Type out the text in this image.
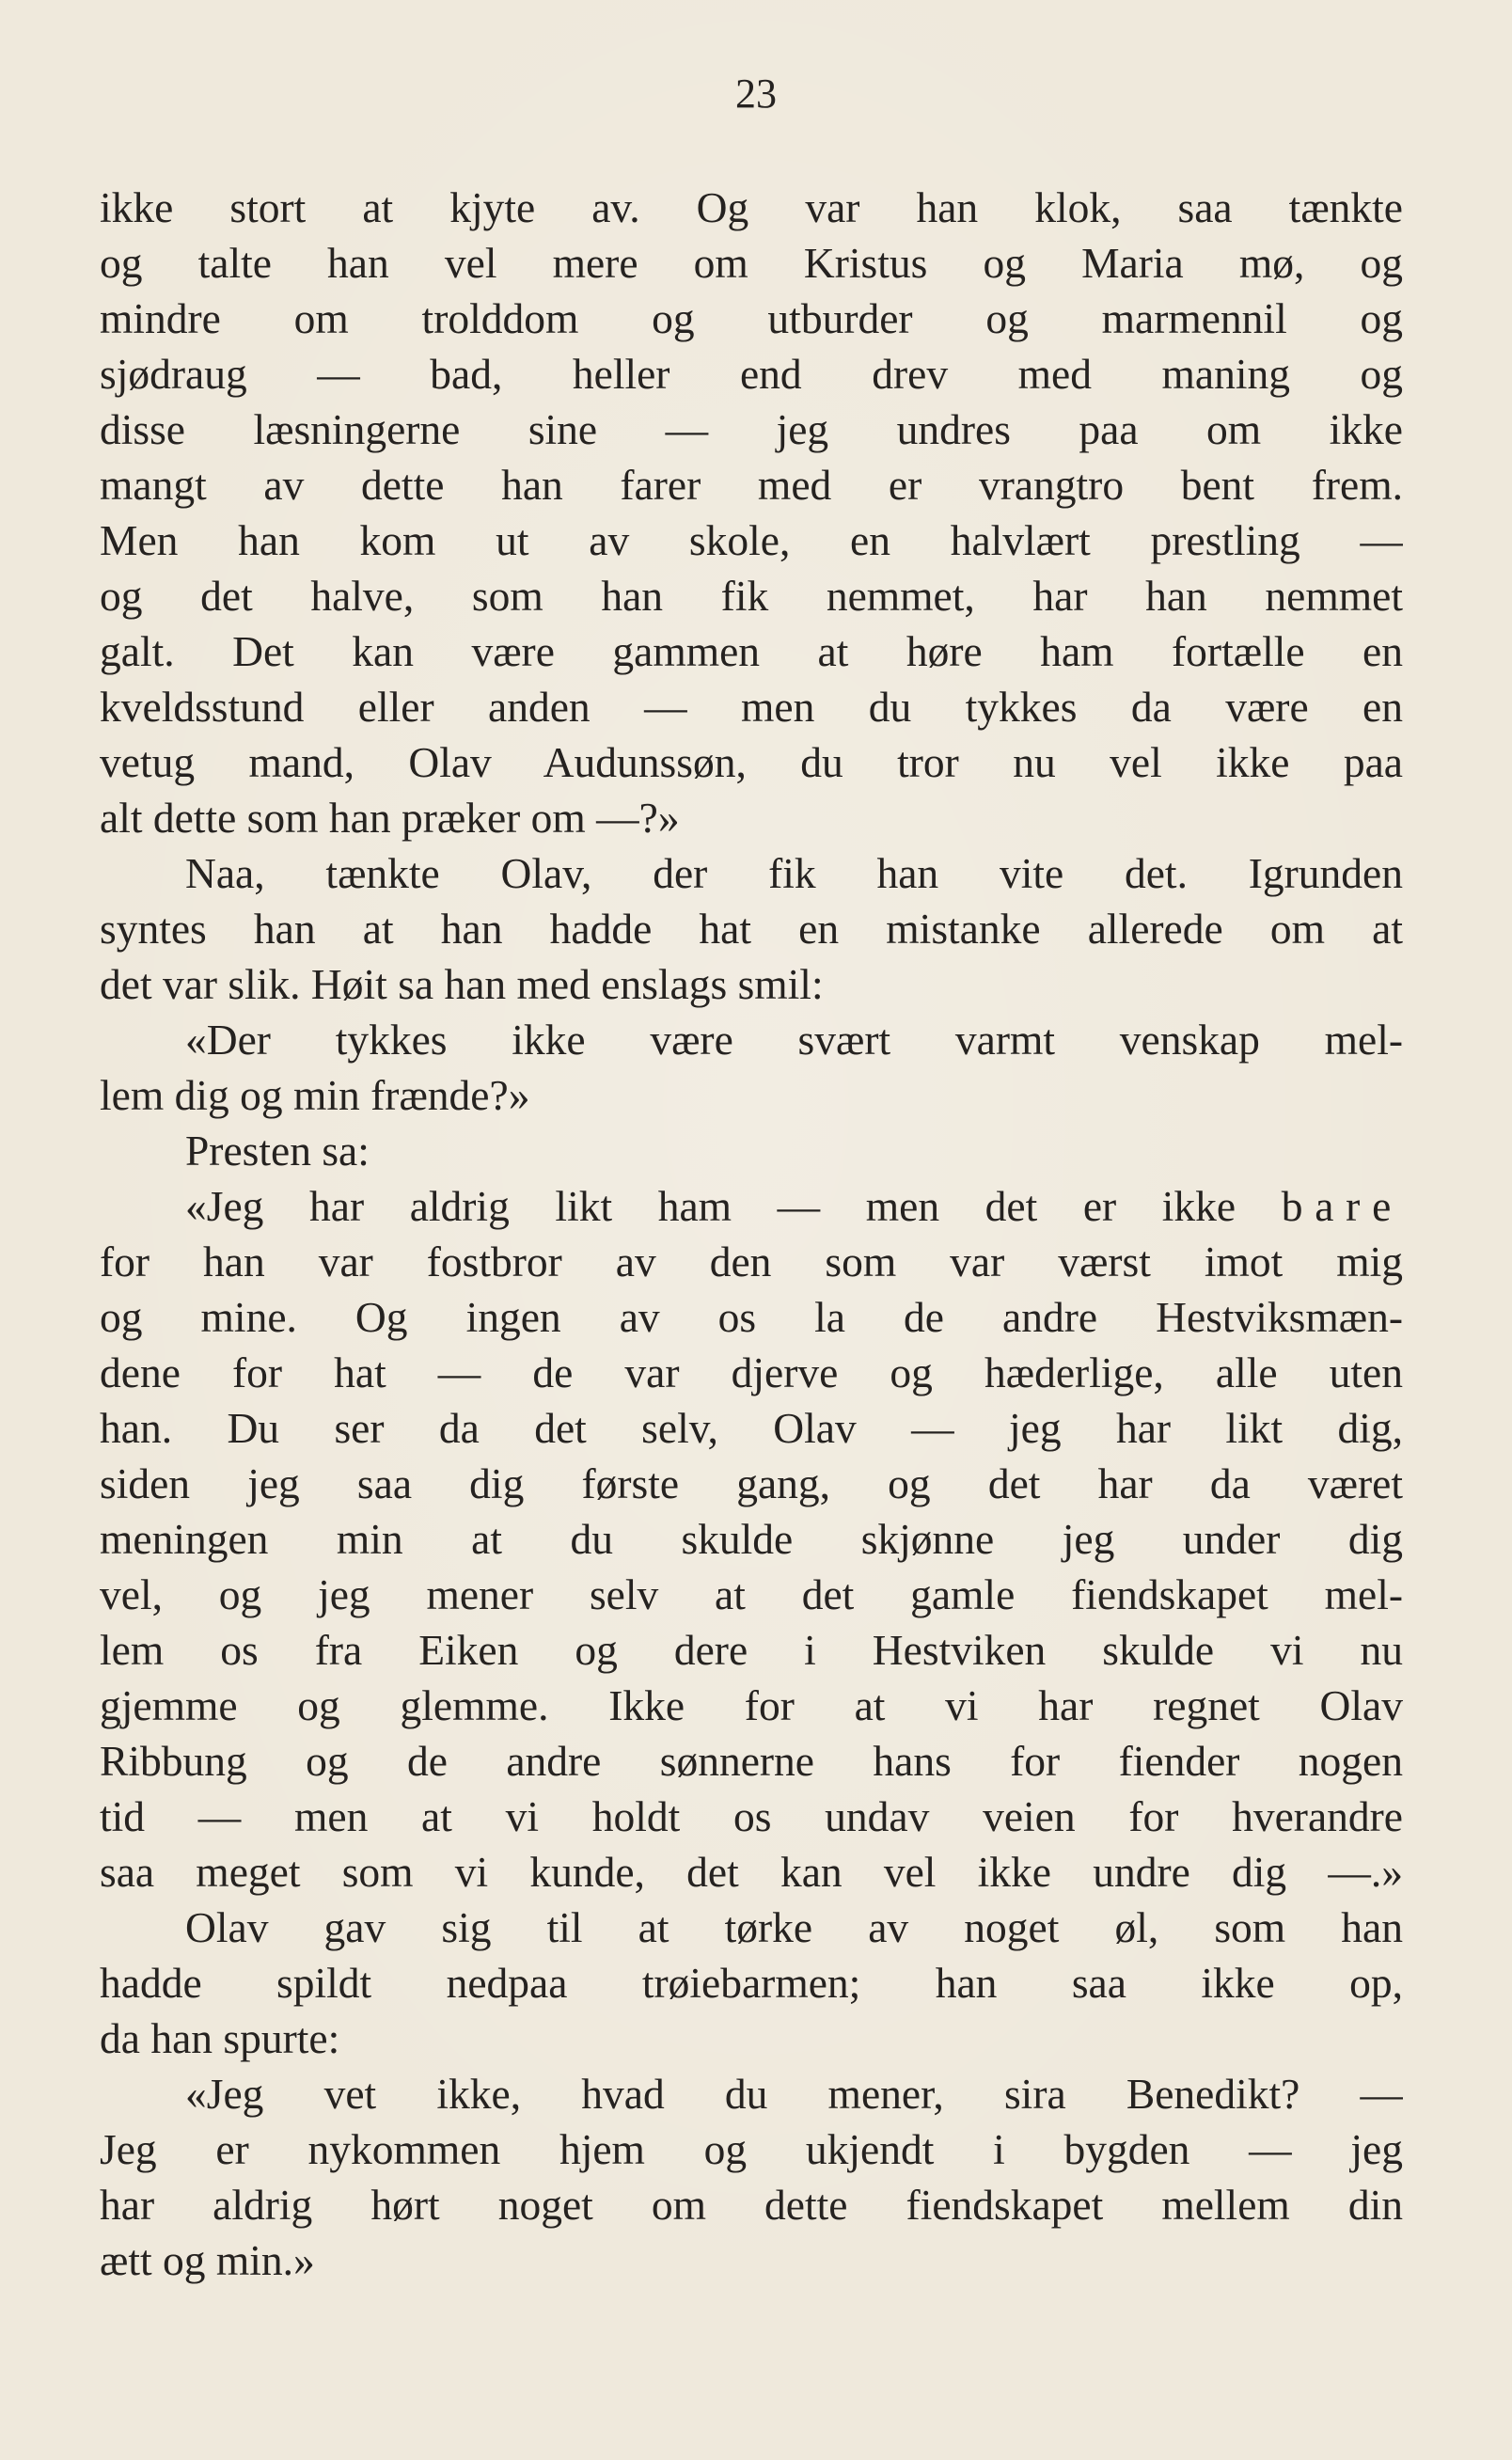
23
ikke stort at kjyte av. Og var han klok, saa tænkte
og talte han vel mere om Kristus og Maria mø, og
mindre om trolddom og utburder og marmennil og
sjødraug — bad, heller end drev med maning og
disse læsningerne sine — jeg undres paa om ikke
mangt av dette han farer med er vrangtro bent frem.
Men han kom ut av skole, en halvlært prestling —
og det halve, som han fik nemmet, har han nemmet
galt. Det kan være gammen at høre ham fortælle en
kveldsstund eller anden — men du tykkes da være en
vetug mand, Olav Audunssøn, du tror nu vel ikke paa
alt dette som han præker om —?»
Naa, tænkte Olav, der fik han vite det. Igrunden
syntes han at han hadde hat en mistanke allerede om at
det var slik. Høit sa han med enslags smil:
«Der tykkes ikke være svært varmt venskap mel-
lem dig og min frænde?»
Presten sa:
«Jeg har aldrig likt ham — men det er ikke bare
for han var fostbror av den som var værst imot mig
og mine. Og ingen av os la de andre Hestviksmæn-
dene for hat — de var djerve og hæderlige, alle uten
han. Du ser da det selv, Olav — jeg har likt dig,
siden jeg saa dig første gang, og det har da været
meningen min at du skulde skjønne jeg under dig
vel, og jeg mener selv at det gamle fiendskapet mel-
lem os fra Eiken og dere i Hestviken skulde vi nu
gjemme og glemme. Ikke for at vi har regnet Olav
Ribbung og de andre sønnerne hans for fiender nogen
tid — men at vi holdt os undav veien for hverandre
saa meget som vi kunde, det kan vel ikke undre dig —.»
Olav gav sig til at tørke av noget øl, som han
hadde spildt nedpaa trøiebarmen; han saa ikke op,
da han spurte:
«Jeg vet ikke, hvad du mener, sira Benedikt? —
Jeg er nykommen hjem og ukjendt i bygden — jeg
har aldrig hørt noget om dette fiendskapet mellem din
ætt og min.»
